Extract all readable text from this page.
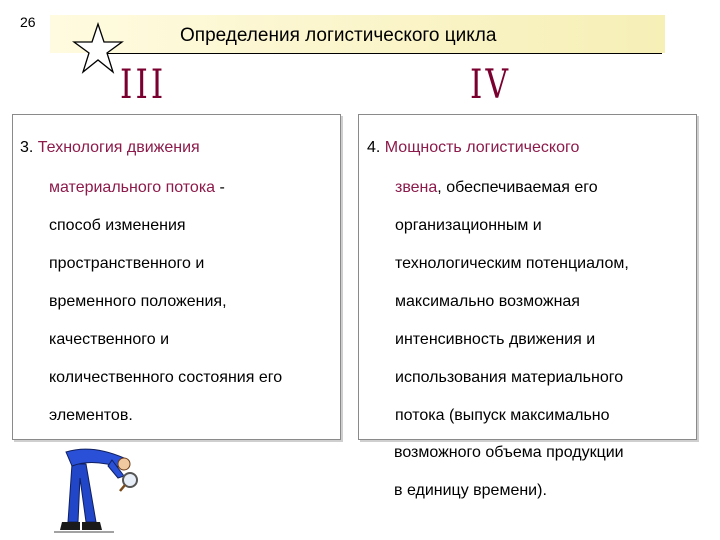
26
Определения логистического цикла
III	IV
3. Технология движения
материального потока -
способ изменения
пространственного и
временного положения,
качественного и
количественного состояния его
элементов.
4. Мощность логистического
звена, обеспечиваемая его
организационным и
технологическим потенциалом,
максимально возможная
интенсивность движения и
использования материального
потока (выпуск максимально
возможного объема продукции
в единицу времени).
